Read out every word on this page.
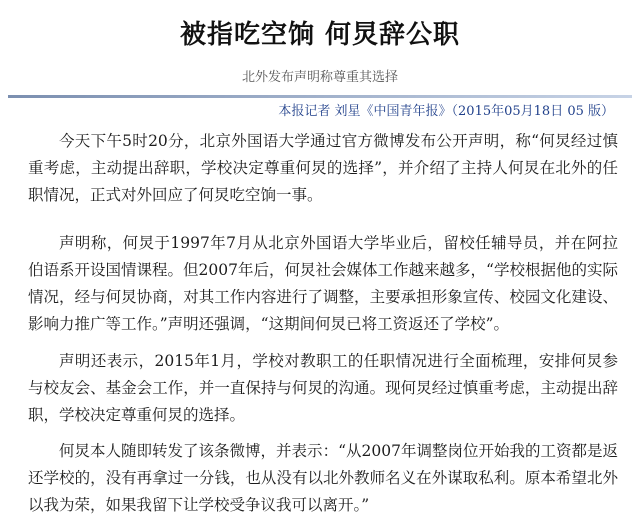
被指吃空饷 何炅辞公职
北外发布声明称尊重其选择
本报记者 刘星《中国青年报》（2015年05月18日 05 版）

今天下午5时20分，北京外国语大学通过官方微博发布公开声明，称“何炅经过慎重考虑，主动提出辞职，学校决定尊重何炅的选择”，并介绍了主持人何炅在北外的任职情况，正式对外回应了何炅吃空饷一事。

声明称，何炅于1997年7月从北京外国语大学毕业后，留校任辅导员，并在阿拉伯语系开设国情课程。但2007年后，何炅社会媒体工作越来越多，“学校根据他的实际情况，经与何炅协商，对其工作内容进行了调整，主要承担形象宣传、校园文化建设、影响力推广等工作。”声明还强调，“这期间何炅已将工资返还了学校”。

声明还表示，2015年1月，学校对教职工的任职情况进行全面梳理，安排何炅参与校友会、基金会工作，并一直保持与何炅的沟通。现何炅经过慎重考虑，主动提出辞职，学校决定尊重何炅的选择。

何炅本人随即转发了该条微博，并表示：“从2007年调整岗位开始我的工资都是返还学校的，没有再拿过一分钱，也从没有以北外教师名义在外谋取私利。原本希望北外以我为荣，如果我留下让学校受争议我可以离开。”
